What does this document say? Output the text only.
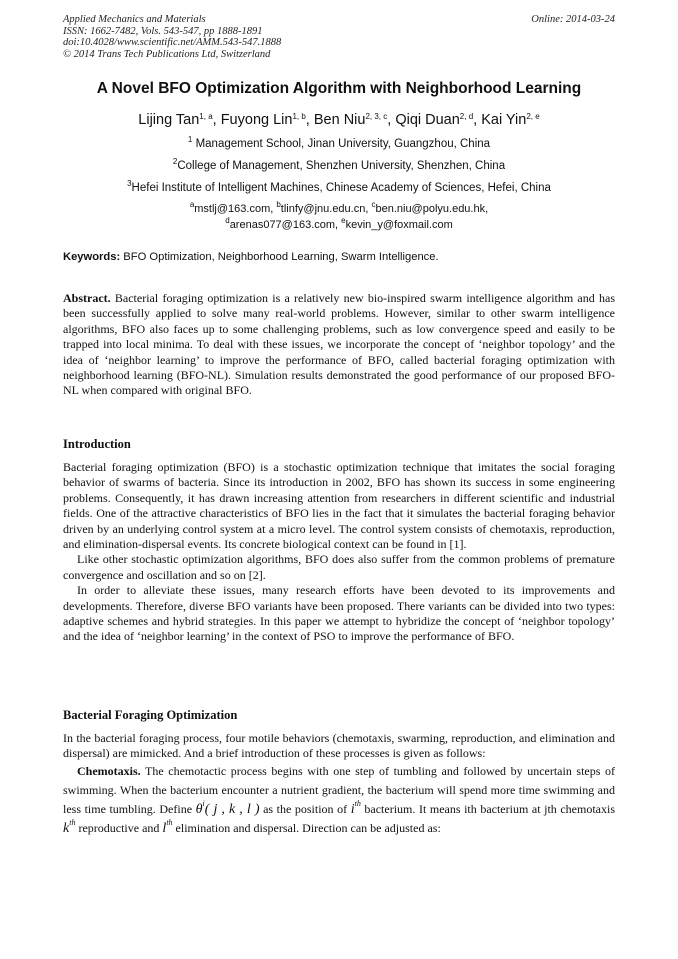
Applied Mechanics and Materials
ISSN: 1662-7482, Vols. 543-547, pp 1888-1891
doi:10.4028/www.scientific.net/AMM.543-547.1888
© 2014 Trans Tech Publications Ltd, Switzerland
Online: 2014-03-24
A Novel BFO Optimization Algorithm with Neighborhood Learning
Lijing Tan$^{1, a}$, Fuyong Lin$^{1, b}$, Ben Niu$^{2, 3, c}$, Qiqi Duan$^{2, d}$, Kai Yin$^{2, e}$
$^1$ Management School, Jinan University, Guangzhou, China
$^2$College of Management, Shenzhen University, Shenzhen, China
$^3$Hefei Institute of Intelligent Machines, Chinese Academy of Sciences, Hefei, China
$^a$mstlj@163.com, $^b$tlinfy@jnu.edu.cn, $^c$ben.niu@polyu.edu.hk,
$^d$arenas077@163.com, $^e$kevin_y@foxmail.com
Keywords: BFO Optimization, Neighborhood Learning, Swarm Intelligence.

Abstract. Bacterial foraging optimization is a relatively new bio-inspired swarm intelligence algorithm and has been successfully applied to solve many real-world problems. However, similar to other swarm intelligence algorithms, BFO also faces up to some challenging problems, such as low convergence speed and easily to be trapped into local minima. To deal with these issues, we incorporate the concept of ‘neighbor topology’ and the idea of ‘neighbor learning’ to improve the performance of BFO, called bacterial foraging optimization with neighborhood learning (BFO-NL). Simulation results demonstrated the good performance of our proposed BFO-NL when compared with original BFO.

Introduction

Bacterial foraging optimization (BFO) is a stochastic optimization technique that imitates the social foraging behavior of swarms of bacteria. Since its introduction in 2002, BFO has shown its success in some engineering problems. Consequently, it has drawn increasing attention from researchers in different scientific and industrial fields. One of the attractive characteristics of BFO lies in the fact that it simulates the bacterial foraging behavior driven by an underlying control system at a micro level. The control system consists of chemotaxis, reproduction, and elimination-dispersal events. Its concrete biological context can be found in [1].

Like other stochastic optimization algorithms, BFO does also suffer from the common problems of premature convergence and oscillation and so on [2].

In order to alleviate these issues, many research efforts have been devoted to its improvements and developments. Therefore, diverse BFO variants have been proposed. There variants can be divided into two types: adaptive schemes and hybrid strategies. In this paper we attempt to hybridize the concept of ‘neighbor topology’ and the idea of ‘neighbor learning’ in the context of PSO to improve the performance of BFO.

Bacterial Foraging Optimization

In the bacterial foraging process, four motile behaviors (chemotaxis, swarming, reproduction, and elimination and dispersal) are mimicked. And a brief introduction of these processes is given as follows:

Chemotaxis. The chemotactic process begins with one step of tumbling and followed by uncertain steps of swimming. When the bacterium encounter a nutrient gradient, the bacterium will spend more time swimming and less time tumbling. Define $\theta^i$( j , k , l ) as the position of $i^{th}$ bacterium. It means ith bacterium at jth chemotaxis $k^{th}$ reproductive and $l^{th}$ elimination and dispersal. Direction can be adjusted as:
